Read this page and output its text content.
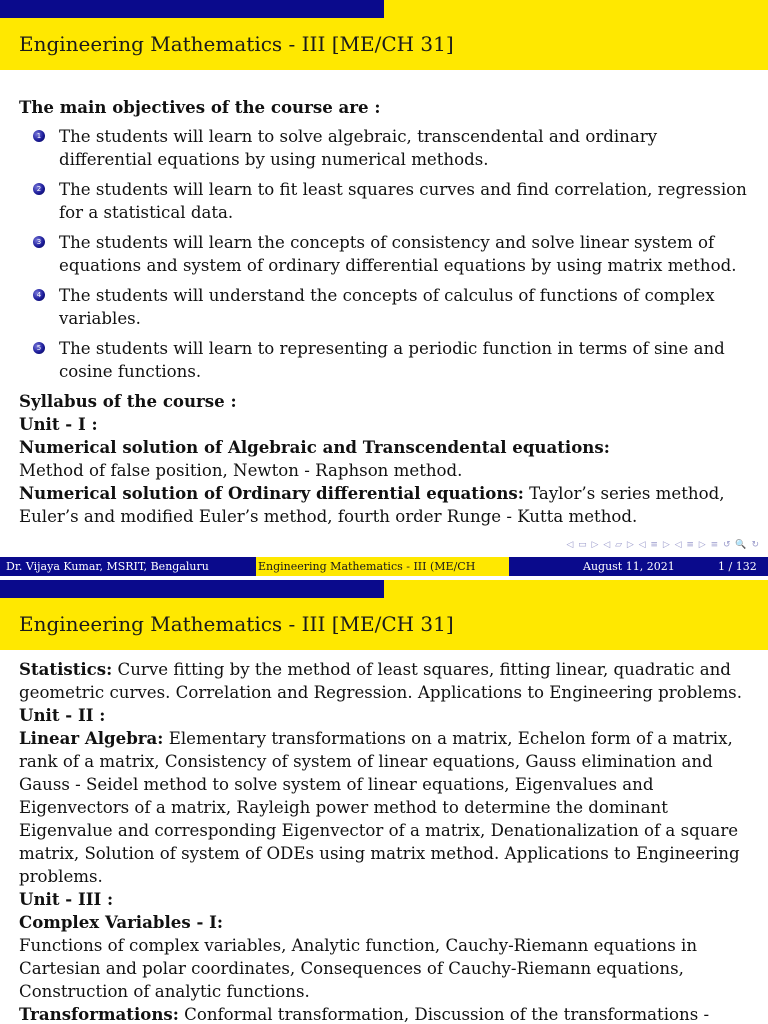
Engineering Mathematics - III [ME/CH 31]

The main objectives of the course are :

1 The students will learn to solve algebraic, transcendental and ordinary differential equations by using numerical methods.
2 The students will learn to fit least squares curves and find correlation, regression for a statistical data.
3 The students will learn the concepts of consistency and solve linear system of equations and system of ordinary differential equations by using matrix method.
4 The students will understand the concepts of calculus of functions of complex variables.
5 The students will learn to representing a periodic function in terms of sine and cosine functions.

Syllabus of the course :

Unit - I :

Numerical solution of Algebraic and Transcendental equations:

Method of false position, Newton - Raphson method.

Numerical solution of Ordinary differential equations: Taylor’s series method, Euler’s and modified Euler’s method, fourth order Runge - Kutta method.

◁ ▭ ▷ ◁ ▱ ▷ ◁ ≡ ▷ ◁ ≡ ▷ ≡ ↺ 🔍 ↻
Dr. Vijaya Kumar, MSRIT, Bengaluru	Engineering Mathematics - III (ME/CH	August 11, 2021	1 / 132
Engineering Mathematics - III [ME/CH 31]

Statistics: Curve fitting by the method of least squares, fitting linear, quadratic and geometric curves. Correlation and Regression. Applications to Engineering problems.

Unit - II :

Linear Algebra: Elementary transformations on a matrix, Echelon form of a matrix, rank of a matrix, Consistency of system of linear equations, Gauss elimination and Gauss - Seidel method to solve system of linear equations, Eigenvalues and Eigenvectors of a matrix, Rayleigh power method to determine the dominant Eigenvalue and corresponding Eigenvector of a matrix, Denationalization of a square matrix, Solution of system of ODEs using matrix method. Applications to Engineering problems.

Unit - III :

Complex Variables - I:

Functions of complex variables, Analytic function, Cauchy-Riemann equations in Cartesian and polar coordinates, Consequences of Cauchy-Riemann equations, Construction of analytic functions.

Transformations: Conformal transformation, Discussion of the transformations -
